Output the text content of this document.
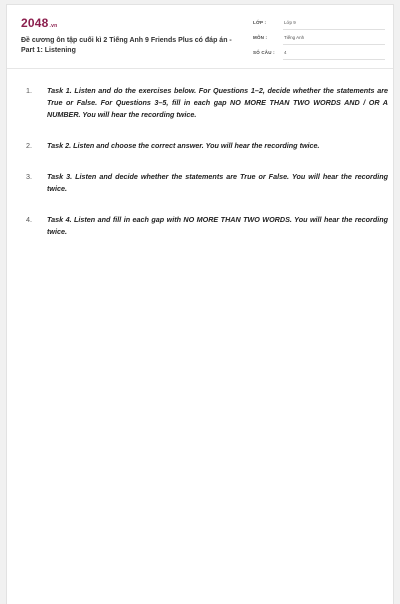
2048.vn
Đề cương ôn tập cuối kì 2 Tiếng Anh 9 Friends Plus có đáp án - Part 1: Listening
LỚP :	Lớp 9
MÔN :	Tiếng Anh
SỐ CÂU : 4
1. Task 1. Listen and do the exercises below. For Questions 1–2, decide whether the statements are True or False. For Questions 3–5, fill in each gap NO MORE THAN TWO WORDS AND / OR A NUMBER. You will hear the recording twice.
2. Task 2. Listen and choose the correct answer. You will hear the recording twice.
3. Task 3. Listen and decide whether the statements are True or False. You will hear the recording twice.
4. Task 4. Listen and fill in each gap with NO MORE THAN TWO WORDS. You will hear the recording twice.
